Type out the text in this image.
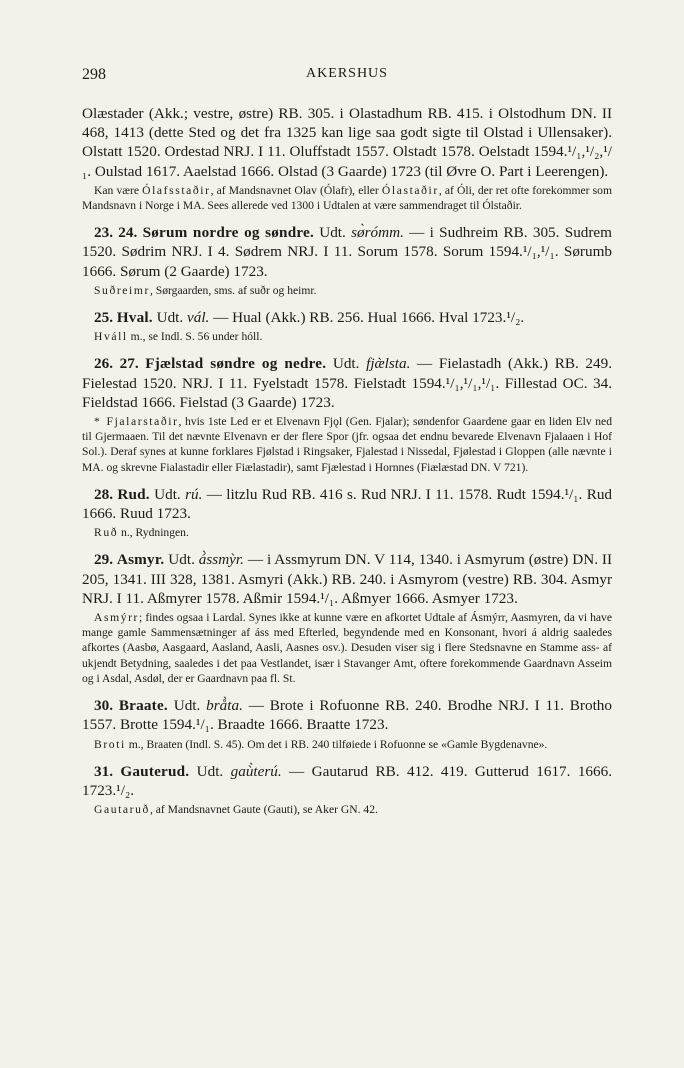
298	AKERSHUS

Olæstader (Akk.; vestre, østre) RB. 305. i Olastadhum RB. 415. i Olstodhum DN. II 468, 1413 (dette Sted og det fra 1325 kan lige saa godt sigte til Olstad i Ullensaker). Olstatt 1520. Ordestad NRJ. I 11. Oluffstadt 1557. Olstadt 1578. Oelstadt 1594.¹/₁,¹/₂,¹/₁. Oulstad 1617. Aaelstad 1666. Olstad (3 Gaarde) 1723 (til Øvre O. Part i Leerengen).

Kan være Ólafsstaðir, af Mandsnavnet Olav (Ólafr), eller Ólastaðir, af Óli, der ret ofte forekommer som Mandsnavn i Norge i MA. Sees allerede ved 1300 i Udtalen at være sammendraget til Ólstaðir.

23. 24. Sørum nordre og søndre. Udt. sø̀rómm. — i Sudhreim RB. 305. Sudrem 1520. Sødrim NRJ. I 4. Sødrem NRJ. I 11. Sorum 1578. Sorum 1594.¹/₁,¹/₁. Sørumb 1666. Sørum (2 Gaarde) 1723.

Suðreimr, Sørgaarden, sms. af suðr og heimr.

25. Hval. Udt. vál. — Hual (Akk.) RB. 256. Hual 1666. Hval 1723.¹/₂.

Hváll m., se Indl. S. 56 under hóll.

26. 27. Fjælstad søndre og nedre. Udt. fjæ̀lsta. — Fielastadh (Akk.) RB. 249. Fielestad 1520. NRJ. I 11. Fyelstadt 1578. Fielstadt 1594.¹/₁,¹/₁,¹/₁. Fillestad OC. 34. Fieldstad 1666. Fielstad (3 Gaarde) 1723.

* Fjalarstaðir, hvis 1ste Led er et Elvenavn Fjǫl (Gen. Fjalar); søndenfor Gaardene gaar en liden Elv ned til Gjermaaen. Til det nævnte Elvenavn er der flere Spor (jfr. ogsaa det endnu bevarede Elvenavn Fjalaaen i Hof Sol.). Deraf synes at kunne forklares Fjølstad i Ringsaker, Fjalestad i Nissedal, Fjølestad i Gloppen (alle nævnte i MA. og skrevne Fialastadir eller Fiælastadir), samt Fjælestad i Hornnes (Fiælæstad DN. V 721).

28. Rud. Udt. rú. — litzlu Rud RB. 416 s. Rud NRJ. I 11. 1578. Rudt 1594.¹/₁. Rud 1666. Ruud 1723.

Ruð n., Rydningen.

29. Asmyr. Udt. á̀ssmỳr. — i Assmyrum DN. V 114, 1340. i Asmyrum (østre) DN. II 205, 1341. III 328, 1381. Asmyri (Akk.) RB. 240. i Asmyrom (vestre) RB. 304. Asmyr NRJ. I 11. Aßmyrer 1578. Aßmir 1594.¹/₁. Aßmyer 1666. Asmyer 1723.

Asmýrr; findes ogsaa i Lardal. Synes ikke at kunne være en afkortet Udtale af Ásmýrr, Aasmyren, da vi have mange gamle Sammensætninger af áss med Efterled, begyndende med en Konsonant, hvori á aldrig saaledes afkortes (Aasbø, Aasgaard, Aasland, Aasli, Aasnes osv.). Desuden viser sig i flere Stedsnavne en Stamme ass- af ukjendt Betydning, saaledes i det paa Vestlandet, især i Stavanger Amt, oftere forekommende Gaardnavn Asseim og i Asdal, Asdøl, der er Gaardnavn paa fl. St.

30. Braate. Udt. brå̀ta. — Brote i Rofuonne RB. 240. Brodhe NRJ. I 11. Brotho 1557. Brotte 1594.¹/₁. Braadte 1666. Braatte 1723.

Broti m., Braaten (Indl. S. 45). Om det i RB. 240 tilføiede i Rofuonne se «Gamle Bygdenavne».

31. Gauterud. Udt. gaù̀terú. — Gautarud RB. 412. 419. Gutterud 1617. 1666. 1723.¹/₂.

Gautaruð, af Mandsnavnet Gaute (Gauti), se Aker GN. 42.
